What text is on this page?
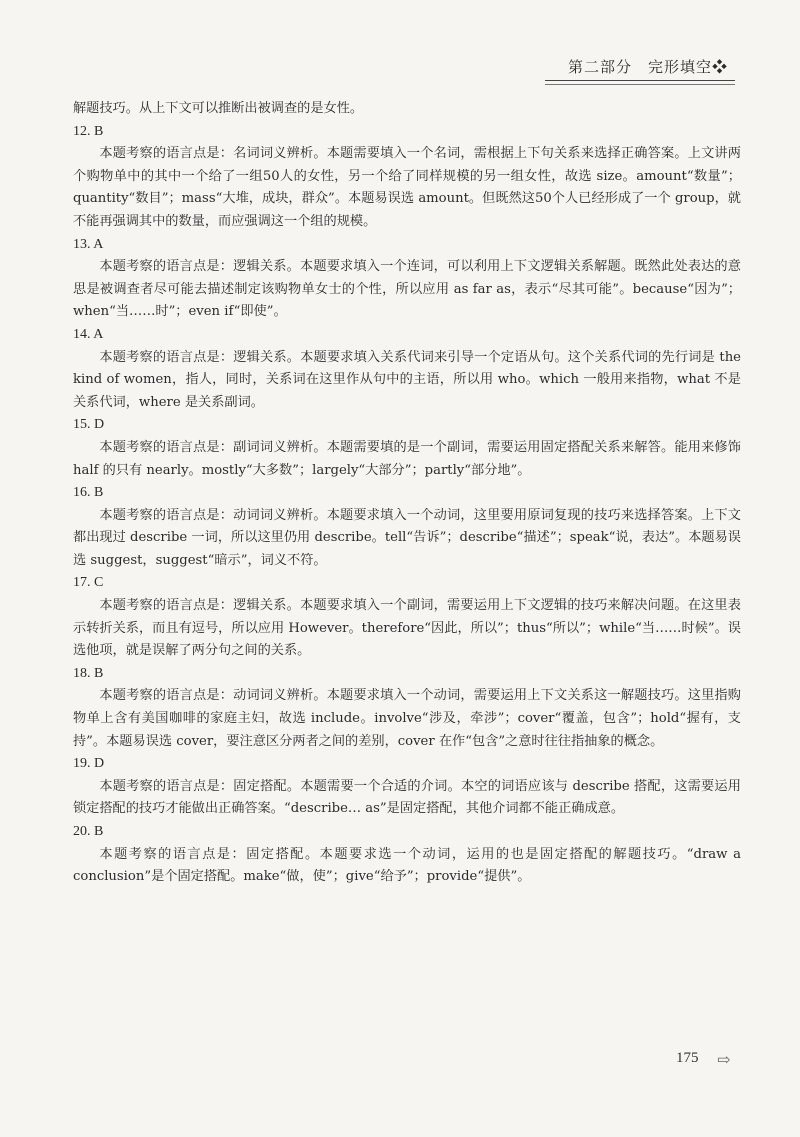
第二部分　完形填空❖

解题技巧。从上下文可以推断出被调查的是女性。

12. B

本题考察的语言点是：名词词义辨析。本题需要填入一个名词，需根据上下句关系来选择正确答案。上文讲两个购物单中的其中一个给了一组50人的女性，另一个给了同样规模的另一组女性，故选 size。amount“数量”；quantity“数目”；mass“大堆，成块，群众”。本题易误选 amount。但既然这50个人已经形成了一个 group，就不能再强调其中的数量，而应强调这一个组的规模。

13. A

本题考察的语言点是：逻辑关系。本题要求填入一个连词，可以利用上下文逻辑关系解题。既然此处表达的意思是被调查者尽可能去描述制定该购物单女士的个性，所以应用 as far as，表示“尽其可能”。because“因为”；when“当……时”；even if“即使”。

14. A

本题考察的语言点是：逻辑关系。本题要求填入关系代词来引导一个定语从句。这个关系代词的先行词是 the kind of women，指人，同时，关系词在这里作从句中的主语，所以用 who。which 一般用来指物，what 不是关系代词，where 是关系副词。

15. D

本题考察的语言点是：副词词义辨析。本题需要填的是一个副词，需要运用固定搭配关系来解答。能用来修饰 half 的只有 nearly。mostly“大多数”；largely“大部分”；partly“部分地”。

16. B

本题考察的语言点是：动词词义辨析。本题要求填入一个动词，这里要用原词复现的技巧来选择答案。上下文都出现过 describe 一词，所以这里仍用 describe。tell“告诉”；describe“描述”；speak“说，表达”。本题易误选 suggest，suggest“暗示”，词义不符。

17. C

本题考察的语言点是：逻辑关系。本题要求填入一个副词，需要运用上下文逻辑的技巧来解决问题。在这里表示转折关系，而且有逗号，所以应用 However。therefore“因此，所以”；thus“所以”；while“当……时候”。误选他项，就是误解了两分句之间的关系。

18. B

本题考察的语言点是：动词词义辨析。本题要求填入一个动词，需要运用上下文关系这一解题技巧。这里指购物单上含有美国咖啡的家庭主妇，故选 include。involve“涉及，牵涉”；cover“覆盖，包含”；hold“握有，支持”。本题易误选 cover，要注意区分两者之间的差别，cover 在作“包含”之意时往往指抽象的概念。

19. D

本题考察的语言点是：固定搭配。本题需要一个合适的介词。本空的词语应该与 describe 搭配，这需要运用锁定搭配的技巧才能做出正确答案。“describe… as”是固定搭配，其他介词都不能正确成意。

20. B

本题考察的语言点是：固定搭配。本题要求选一个动词，运用的也是固定搭配的解题技巧。“draw a conclusion”是个固定搭配。make“做，使”；give“给予”；provide“提供”。

175 ⇨
